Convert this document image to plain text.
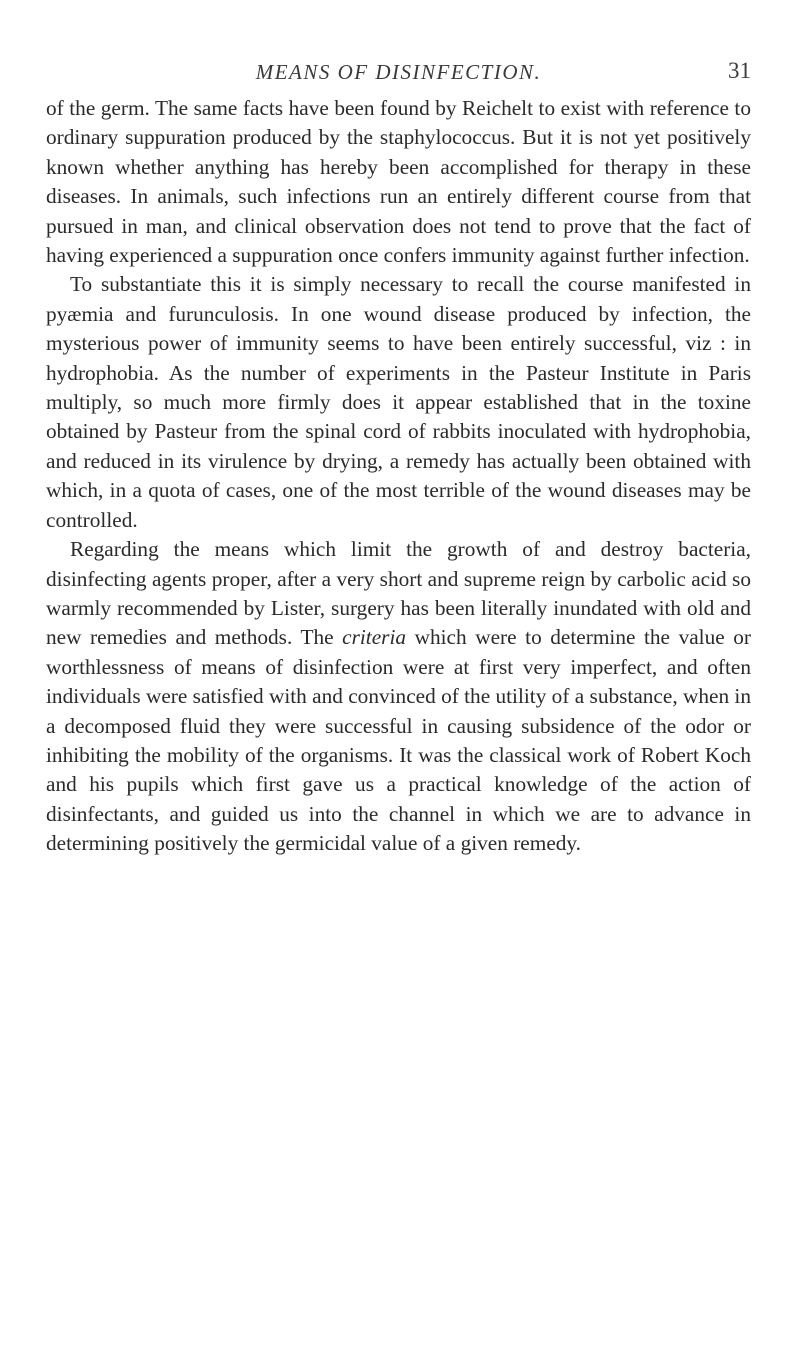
MEANS OF DISINFECTION.	31

of the germ. The same facts have been found by Reichelt to exist with reference to ordinary suppuration produced by the staphylococcus. But it is not yet positively known whether anything has hereby been accomplished for therapy in these diseases. In animals, such infections run an entirely different course from that pursued in man, and clinical observation does not tend to prove that the fact of having experienced a suppuration once confers immunity against further infection.

To substantiate this it is simply necessary to recall the course manifested in pyæmia and furunculosis. In one wound disease produced by infection, the mysterious power of immunity seems to have been entirely successful, viz : in hydrophobia. As the number of experiments in the Pasteur Institute in Paris multiply, so much more firmly does it appear established that in the toxine obtained by Pasteur from the spinal cord of rabbits inoculated with hydrophobia, and reduced in its virulence by drying, a remedy has actually been obtained with which, in a quota of cases, one of the most terrible of the wound diseases may be controlled.

Regarding the means which limit the growth of and destroy bacteria, disinfecting agents proper, after a very short and supreme reign by carbolic acid so warmly recommended by Lister, surgery has been literally inundated with old and new remedies and methods. The criteria which were to determine the value or worthlessness of means of disinfection were at first very imperfect, and often individuals were satisfied with and convinced of the utility of a substance, when in a decomposed fluid they were successful in causing subsidence of the odor or inhibiting the mobility of the organisms. It was the classical work of Robert Koch and his pupils which first gave us a practical knowledge of the action of disinfectants, and guided us into the channel in which we are to advance in determining positively the germicidal value of a given remedy.
